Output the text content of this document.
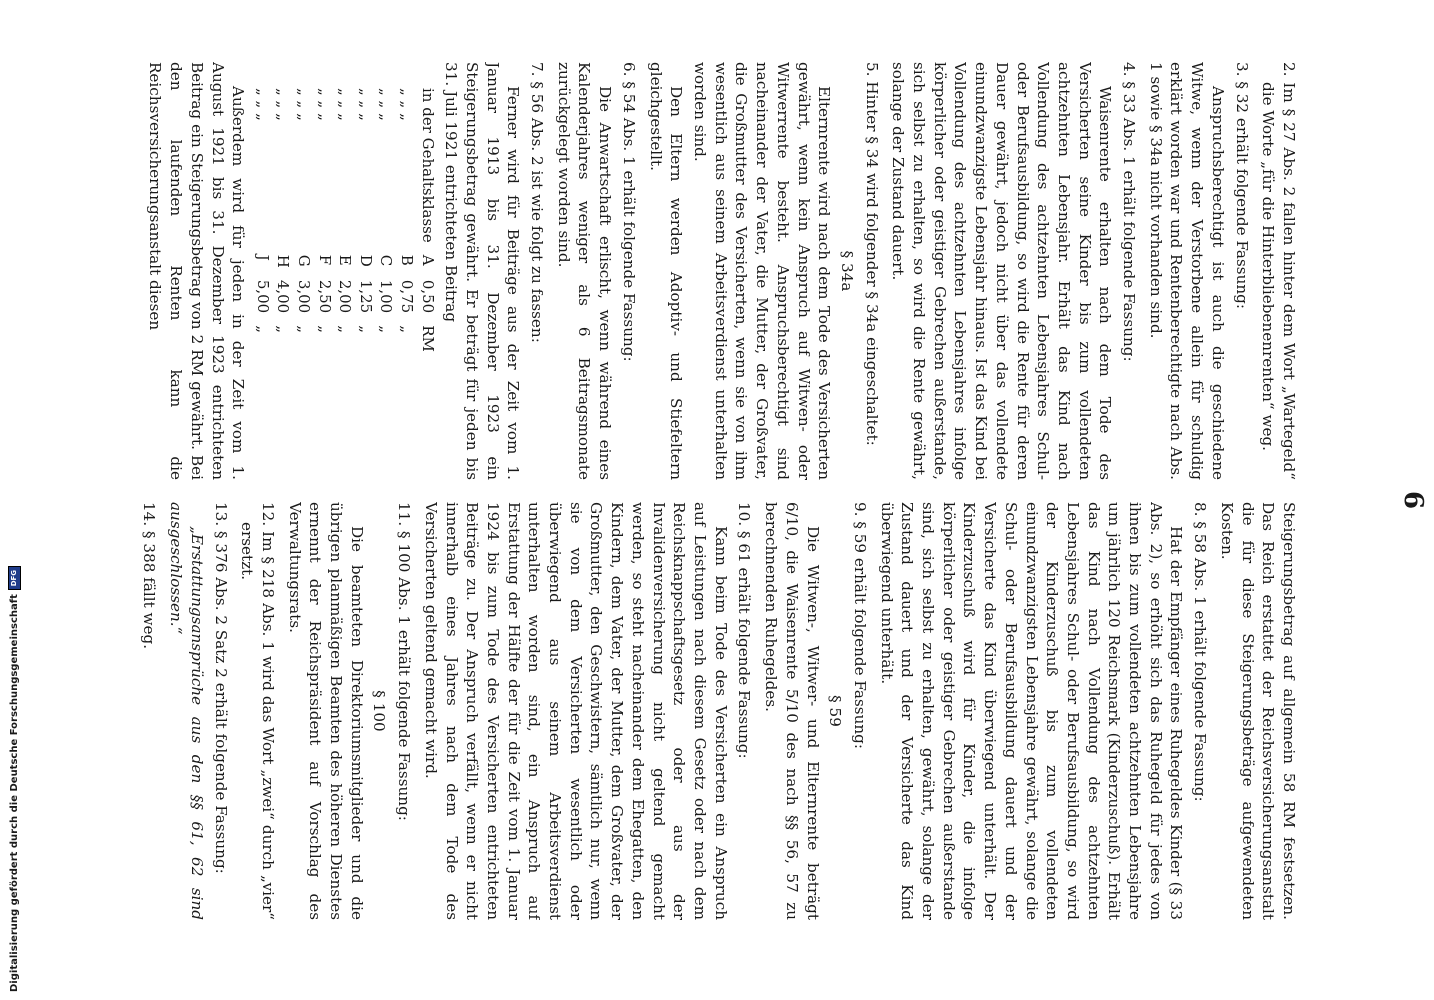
6

2. Im § 27 Abs. 2 fallen hinter dem Wort „Wartegeld“ die Worte „für die Hinterbliebenenrenten“ weg.

3. § 32 erhält folgende Fassung:

Anspruchsberechtigt ist auch die geschiedene Witwe, wenn der Verstorbene allein für schuldig erklärt worden war und Rentenberechtigte nach Abs. 1 sowie § 34a nicht vorhanden sind.

4. § 33 Abs. 1 erhält folgende Fassung:

Waisenrente erhalten nach dem Tode des Versicherten seine Kinder bis zum vollendeten achtzehnten Lebensjahr. Erhält das Kind nach Vollendung des achtzehnten Lebensjahres Schul- oder Berufsausbildung, so wird die Rente für deren Dauer gewährt, jedoch nicht über das vollendete einundzwanzigste Lebensjahr hinaus. Ist das Kind bei Vollendung des achtzehnten Lebensjahres infolge körperlicher oder geistiger Gebrechen außerstande, sich selbst zu erhalten, so wird die Rente gewährt, solange der Zustand dauert.

5. Hinter § 34 wird folgender § 34a eingeschaltet:

§ 34a

Elternrente wird nach dem Tode des Versicherten gewährt, wenn kein Anspruch auf Witwen- oder Witwerrente besteht. Anspruchsberechtigt sind nacheinander der Vater, die Mutter, der Großvater, die Großmutter des Versicherten, wenn sie von ihm wesentlich aus seinem Arbeitsverdienst unterhalten worden sind.

Den Eltern werden Adoptiv- und Stiefeltern gleichgestellt.

6. § 54 Abs. 1 erhält folgende Fassung:

Die Anwartschaft erlischt, wenn während eines Kalenderjahres weniger als 6 Beitragsmonate zurückgelegt worden sind.

7. § 56 Abs. 2 ist wie folgt zu fassen:

Ferner wird für Beiträge aus der Zeit vom 1. Januar 1913 bis 31. Dezember 1923 ein Steigerungsbetrag gewährt. Er beträgt für jeden bis 31. Juli 1921 entrichteten Beitrag

in der Gehaltsklasse	A	0,50	RM
„ „ „	B	0,75	„
„ „ „	C	1,00	„
„ „ „	D	1,25	„
„ „ „	E	2,00	„
„ „ „	F	2,50	„
„ „ „	G	3,00	„
„ „ „	H	4,00	„
„ „ „	J	5,00	„

Außerdem wird für jeden in der Zeit vom 1. August 1921 bis 31. Dezember 1923 entrichteten Beitrag ein Steigerungsbetrag von 2 RM gewährt. Bei den laufenden Renten kann die Reichsversicherungsanstalt diesen

Steigerungsbetrag auf allgemein 58 RM festsetzen. Das Reich erstattet der Reichsversicherungsanstalt die für diese Steigerungsbeträge aufgewendeten Kosten.

8. § 58 Abs. 1 erhält folgende Fassung:

Hat der Empfänger eines Ruhegeldes Kinder (§ 33 Abs. 2), so erhöht sich das Ruhegeld für jedes von ihnen bis zum vollendeten achtzehnten Lebensjahre um jährlich 120 Reichsmark (Kinderzuschuß). Erhält das Kind nach Vollendung des achtzehnten Lebensjahres Schul- oder Berufsausbildung, so wird der Kinderzuschuß bis zum vollendeten einundzwanzigsten Lebensjahre gewährt, solange die Schul- oder Berufsausbildung dauert und der Versicherte das Kind überwiegend unterhält. Der Kinderzuschuß wird für Kinder, die infolge körperlicher oder geistiger Gebrechen außerstande sind, sich selbst zu erhalten, gewährt, solange der Zustand dauert und der Versicherte das Kind überwiegend unterhält.

9. § 59 erhält folgende Fassung:

§ 59

Die Witwen-, Witwer- und Elternrente beträgt 6/10, die Waisenrente 5/10 des nach §§ 56, 57 zu berechnenden Ruhegeldes.

10. § 61 erhält folgende Fassung:

Kann beim Tode des Versicherten ein Anspruch auf Leistungen nach diesem Gesetz oder nach dem Reichsknappschaftsgesetz oder aus der Invalidenversicherung nicht geltend gemacht werden, so steht nacheinander dem Ehegatten, den Kindern, dem Vater, der Mutter, dem Großvater, der Großmutter, den Geschwistern, sämtlich nur, wenn sie von dem Versicherten wesentlich oder überwiegend aus seinem Arbeitsverdienst unterhalten worden sind, ein Anspruch auf Erstattung der Hälfte der für die Zeit vom 1. Januar 1924 bis zum Tode des Versicherten entrichteten Beiträge zu. Der Anspruch verfällt, wenn er nicht innerhalb eines Jahres nach dem Tode des Versicherten geltend gemacht wird.

11. § 100 Abs. 1 erhält folgende Fassung:

§ 100

Die beamteten Direktoriumsmitglieder und die übrigen planmäßigen Beamten des höheren Dienstes ernennt der Reichspräsident auf Vorschlag des Verwaltungsrats.

12. Im § 218 Abs. 1 wird das Wort „zwei“ durch „vier“ ersetzt.

13. § 376 Abs. 2 Satz 2 erhält folgende Fassung:

„Erstattungsansprüche aus den §§ 61, 62 sind ausgeschlossen.“

14. § 388 fällt weg.

Digitalisierung gefördert durch die Deutsche Forschungsgemeinschaft
DFG
